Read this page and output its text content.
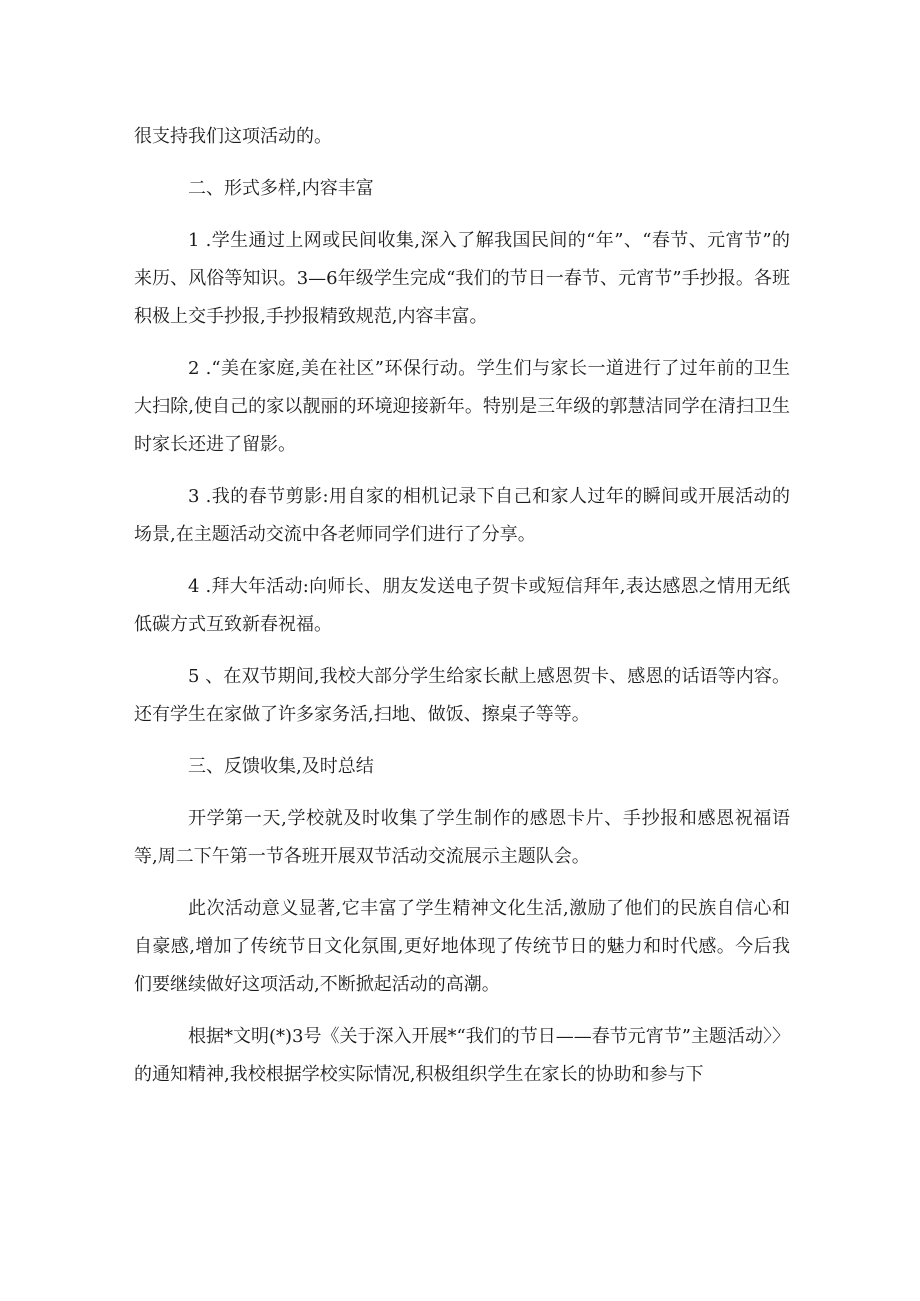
很支持我们这项活动的。

二、形式多样,内容丰富

1 .学生通过上网或民间收集,深入了解我国民间的“年”、“春节、元宵节”的来历、风俗等知识。3—6年级学生完成“我们的节日一春节、元宵节”手抄报。各班积极上交手抄报,手抄报精致规范,内容丰富。

2 .“美在家庭,美在社区”环保行动。学生们与家长一道进行了过年前的卫生大扫除,使自己的家以靓丽的环境迎接新年。特别是三年级的郭慧洁同学在清扫卫生时家长还进了留影。

3 .我的春节剪影:用自家的相机记录下自己和家人过年的瞬间或开展活动的场景,在主题活动交流中各老师同学们进行了分享。

4 .拜大年活动:向师长、朋友发送电子贺卡或短信拜年,表达感恩之情用无纸低碳方式互致新春祝福。

5 、在双节期间,我校大部分学生给家长献上感恩贺卡、感恩的话语等内容。还有学生在家做了许多家务活,扫地、做饭、擦桌子等等。

三、反馈收集,及时总结

开学第一天,学校就及时收集了学生制作的感恩卡片、手抄报和感恩祝福语等,周二下午第一节各班开展双节活动交流展示主题队会。

此次活动意义显著,它丰富了学生精神文化生活,激励了他们的民族自信心和自豪感,增加了传统节日文化氛围,更好地体现了传统节日的魅力和时代感。今后我们要继续做好这项活动,不断掀起活动的高潮。

根据*文明(*)3号《关于深入开展*“我们的节日——春节元宵节”主题活动〉〉的通知精神,我校根据学校实际情况,积极组织学生在家长的协助和参与下
